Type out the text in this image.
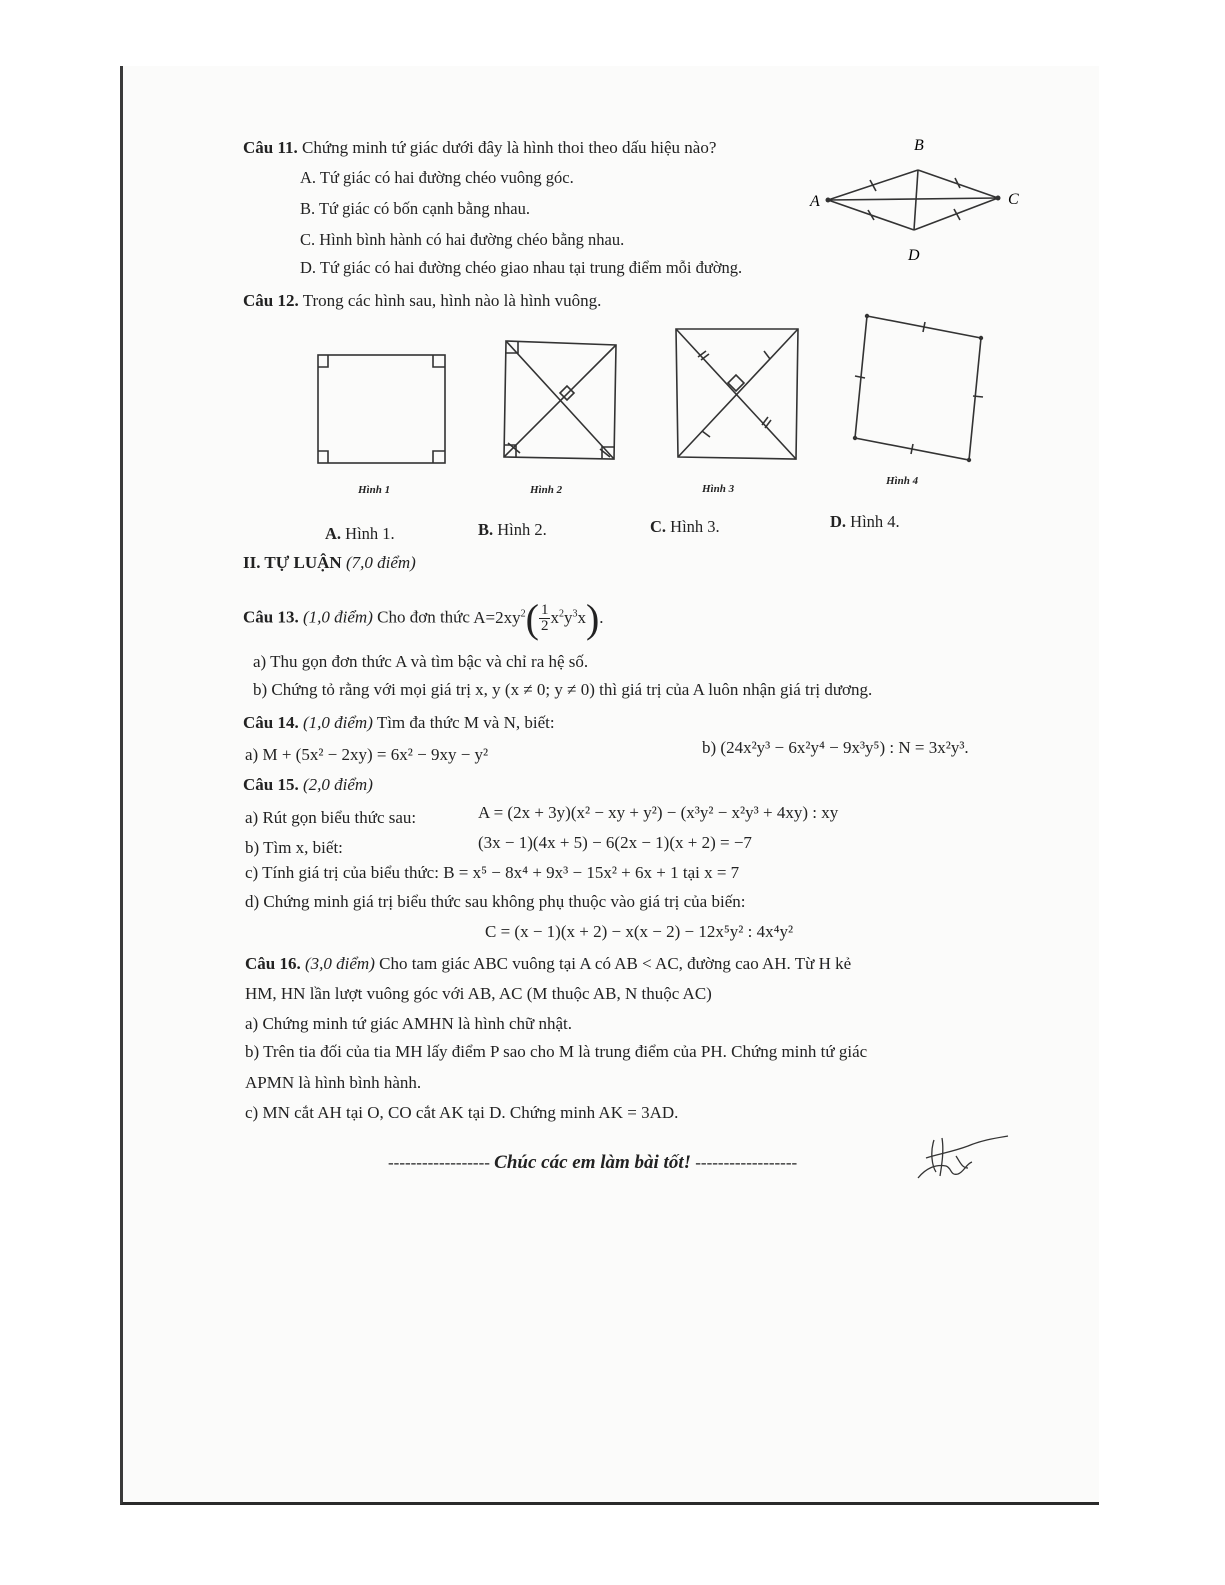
Câu 11. Chứng minh tứ giác dưới đây là hình thoi theo dấu hiệu nào?
A. Tứ giác có hai đường chéo vuông góc.
B. Tứ giác có bốn cạnh bằng nhau.
C. Hình bình hành có hai đường chéo bằng nhau.
D. Tứ giác có hai đường chéo giao nhau tại trung điểm mỗi đường.
B
A	C
D
Câu 12. Trong các hình sau, hình nào là hình vuông.
Hình 1	Hình 2	Hình 3
Hình 4
A. Hình 1.	B. Hình 2.	C. Hình 3.	D. Hình 4.
II. TỰ LUẬN (7,0 điểm)
Câu 13. (1,0 điểm) Cho đơn thức $A=2xy^2( \frac{1}{2} x^2y^3x)$.
a) Thu gọn đơn thức A và tìm bậc và chỉ ra hệ số.
b) Chứng tỏ rằng với mọi giá trị x, y (x ≠ 0; y ≠ 0) thì giá trị của A luôn nhận giá trị dương.
Câu 14. (1,0 điểm) Tìm đa thức M và N, biết:
a) M + (5x² − 2xy) = 6x² − 9xy − y²	b) (24x²y³ − 6x²y⁴ − 9x³y⁵) : N = 3x²y³.
Câu 15. (2,0 điểm)
a) Rút gọn biểu thức sau:	A = (2x + 3y)(x² − xy + y²) − (x³y² − x²y³ + 4xy) : xy
b) Tìm x, biết:	(3x − 1)(4x + 5) − 6(2x − 1)(x + 2) = −7
c) Tính giá trị của biểu thức: B = x⁵ − 8x⁴ + 9x³ − 15x² + 6x + 1 tại x = 7
d) Chứng minh giá trị biểu thức sau không phụ thuộc vào giá trị của biến:
C = (x − 1)(x + 2) − x(x − 2) − 12x⁵y² : 4x⁴y²
Câu 16. (3,0 điểm) Cho tam giác ABC vuông tại A có AB < AC, đường cao AH. Từ H kẻ
HM, HN lần lượt vuông góc với AB, AC (M thuộc AB, N thuộc AC)
a) Chứng minh tứ giác AMHN là hình chữ nhật.
b) Trên tia đối của tia MH lấy điểm P sao cho M là trung điểm của PH. Chứng minh tứ giác
APMN là hình bình hành.
c) MN cắt AH tại O, CO cắt AK tại D. Chứng minh AK = 3AD.
------------------ Chúc các em làm bài tốt! ------------------
